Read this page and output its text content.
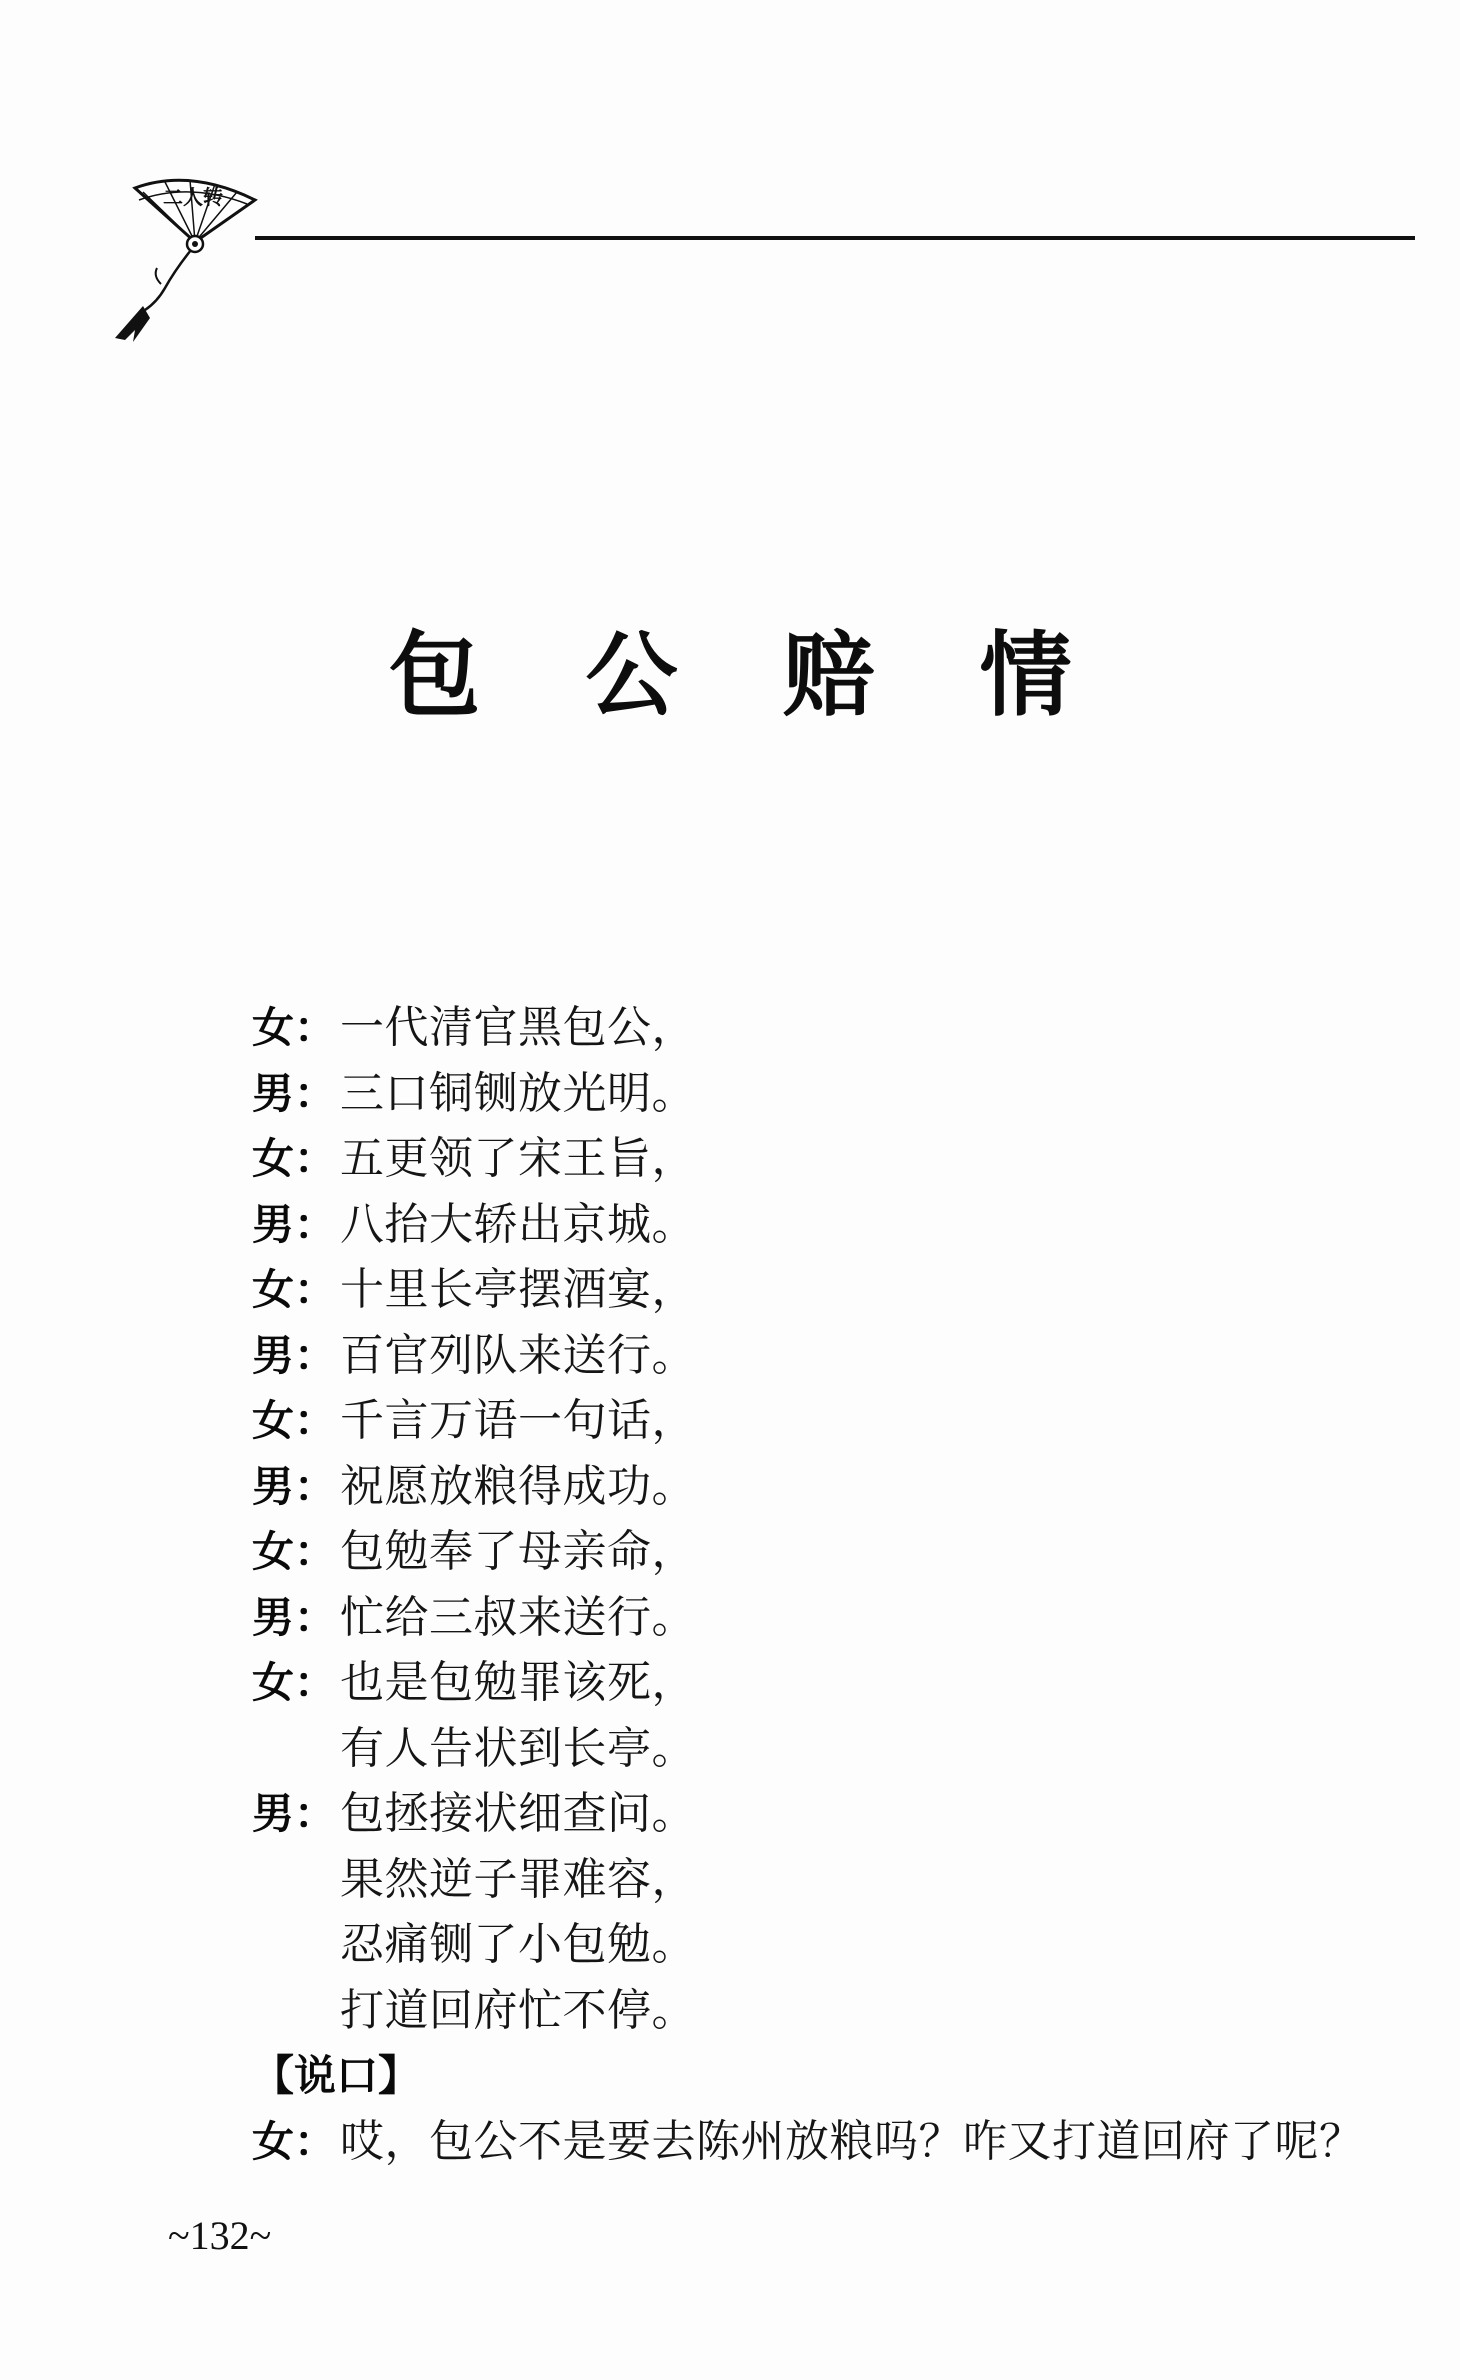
二人转
包 公 赔 情
女： 一代清官黑包公，
男： 三口铜铡放光明。
女： 五更领了宋王旨，
男： 八抬大轿出京城。
女： 十里长亭摆酒宴，
男： 百官列队来送行。
女： 千言万语一句话，
男： 祝愿放粮得成功。
女： 包勉奉了母亲命，
男： 忙给三叔来送行。
女： 也是包勉罪该死，
有人告状到长亭。
男： 包拯接状细查问。
果然逆子罪难容，
忍痛铡了小包勉。
打道回府忙不停。
【说口】
女： 哎，包公不是要去陈州放粮吗？咋又打道回府了呢？
~132~
